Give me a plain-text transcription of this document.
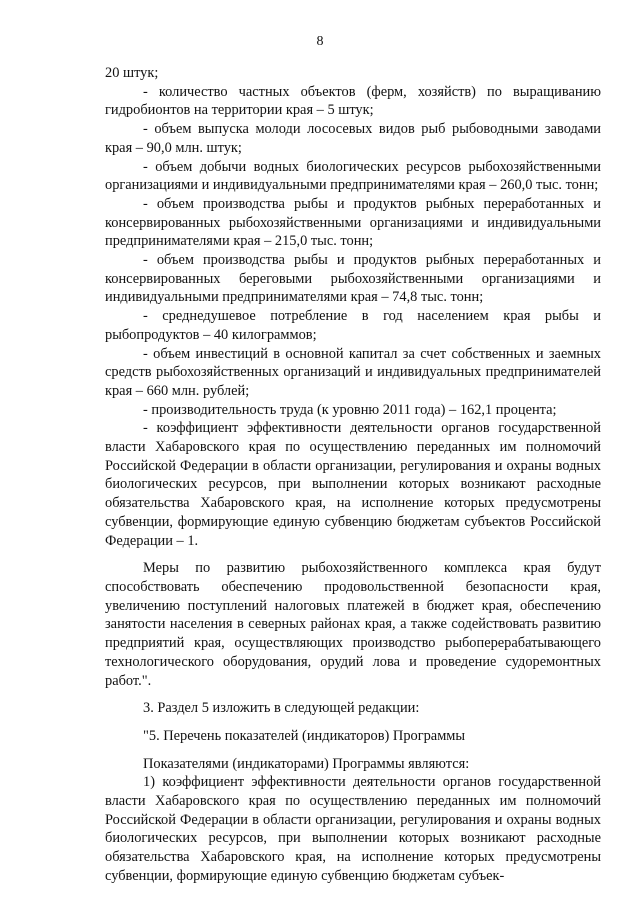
8

20 штук;

- количество частных объектов (ферм, хозяйств) по выращиванию гидробионтов на территории края – 5 штук;

- объем выпуска молоди лососевых видов рыб рыбоводными заводами края – 90,0 млн. штук;

- объем добычи водных биологических ресурсов рыбохозяйственными организациями и индивидуальными предпринимателями края – 260,0 тыс. тонн;

- объем производства рыбы и продуктов рыбных переработанных и консервированных рыбохозяйственными организациями и индивидуальными предпринимателями края – 215,0 тыс. тонн;

- объем производства рыбы и продуктов рыбных переработанных и консервированных береговыми рыбохозяйственными организациями и индивидуальными предпринимателями края – 74,8 тыс. тонн;

- среднедушевое потребление в год населением края рыбы и рыбопродуктов – 40 килограммов;

- объем инвестиций в основной капитал за счет собственных и заемных средств рыбохозяйственных организаций и индивидуальных предпринимателей края – 660 млн. рублей;

- производительность труда (к уровню 2011 года) – 162,1 процента;

- коэффициент эффективности деятельности органов государственной власти Хабаровского края по осуществлению переданных им полномочий Российской Федерации в области организации, регулирования и охраны водных биологических ресурсов, при выполнении которых возникают расходные обязательства Хабаровского края, на исполнение которых предусмотрены субвенции, формирующие единую субвенцию бюджетам субъектов Российской Федерации – 1.

Меры по развитию рыбохозяйственного комплекса края будут способствовать обеспечению продовольственной безопасности края, увеличению поступлений налоговых платежей в бюджет края, обеспечению занятости населения в северных районах края, а также содействовать развитию предприятий края, осуществляющих производство рыбоперерабатывающего технологического оборудования, орудий лова и проведение судоремонтных работ.".

3. Раздел 5 изложить в следующей редакции:

"5. Перечень показателей (индикаторов) Программы

Показателями (индикаторами) Программы являются:

1) коэффициент эффективности деятельности органов государственной власти Хабаровского края по осуществлению переданных им полномочий Российской Федерации в области организации, регулирования и охраны водных биологических ресурсов, при выполнении которых возникают расходные обязательства Хабаровского края, на исполнение которых предусмотрены субвенции, формирующие единую субвенцию бюджетам субъек-
